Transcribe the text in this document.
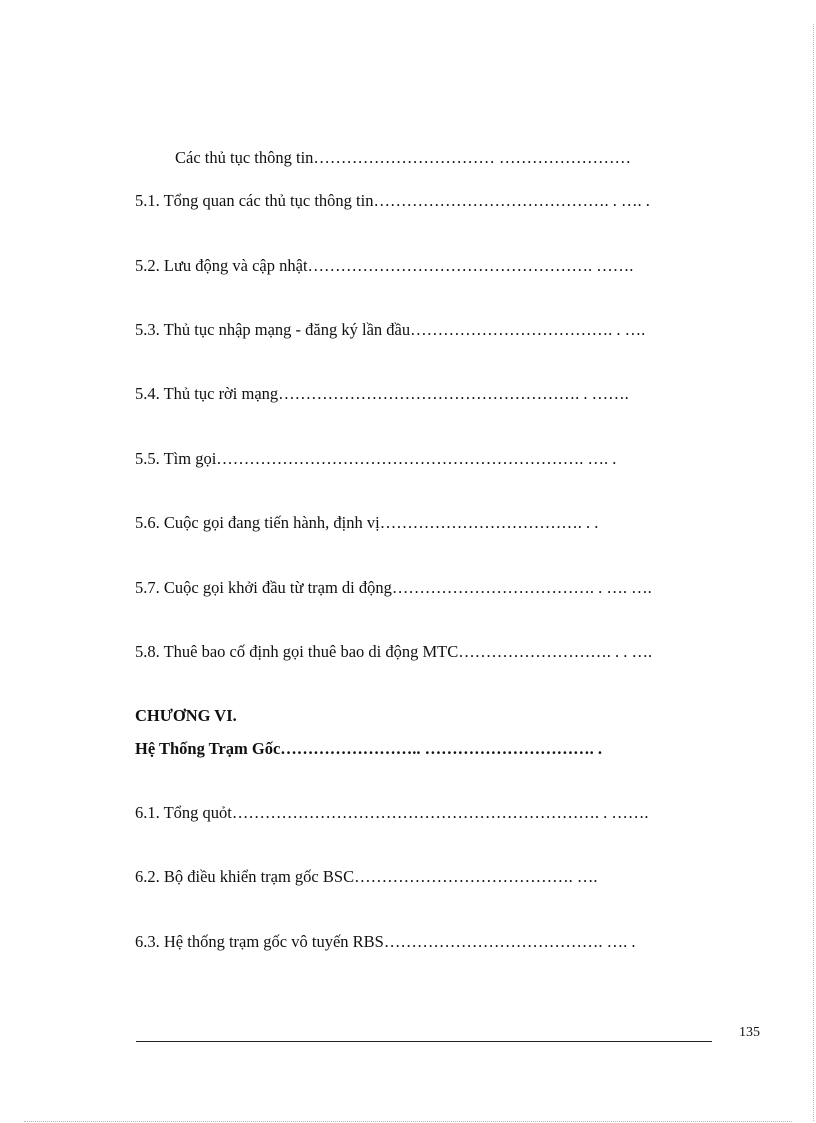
Các thủ tục thông tin…………………………… ……………………
5.1. Tổng quan các thủ tục thông tin……………………………………. . …. .
5.2. Lưu động và cập nhật……………………………………………. …….
5.3. Thủ tục nhập mạng - đăng ký lần đầu………………………………. . ….
5.4. Thủ tục rời mạng………………………………………………. . …….
5.5. Tìm gọi…………………………………………………………. …. .
5.6. Cuộc gọi đang tiến hành, định vị………………………………. . .
5.7. Cuộc gọi khởi đầu từ trạm di động………………………………. . …. ….
5.8. Thuê bao cố định gọi thuê bao di động MTC………………………. . . ….
CHƯƠNG VI.
Hệ Thống Trạm Gốc…………………….. …………………………. .
6.1. Tổng quỏt…………………………………………………………. . …….
6.2. Bộ điều khiển trạm gốc BSC…………………………………. ….
6.3. Hệ thống trạm gốc vô tuyến RBS…………………………………. …. .
135
